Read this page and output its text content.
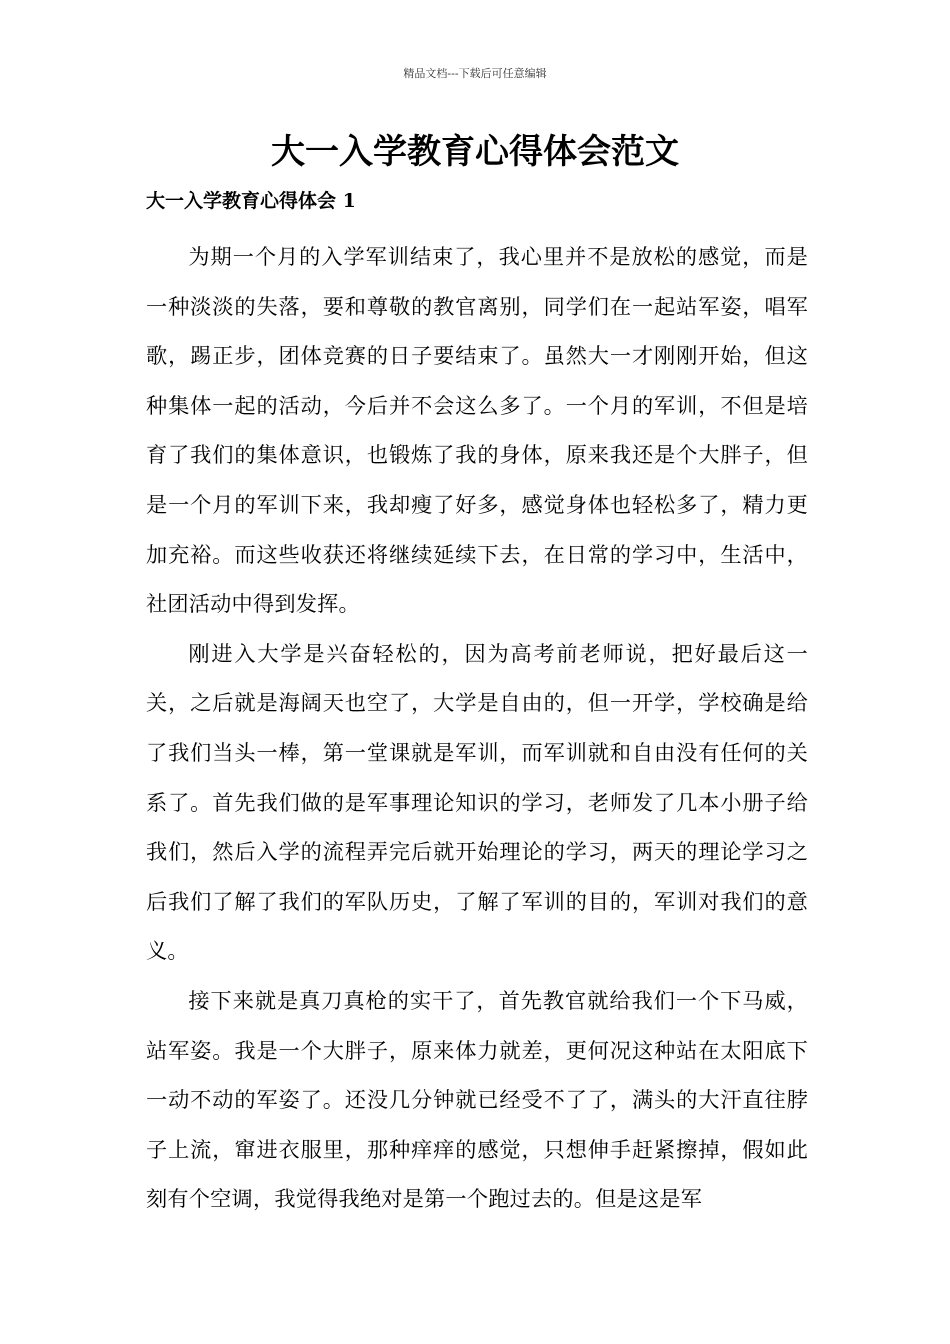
精品文档---下载后可任意编辑
大一入学教育心得体会范文
大一入学教育心得体会 1

为期一个月的入学军训结束了，我心里并不是放松的感觉，而是一种淡淡的失落，要和尊敬的教官离别，同学们在一起站军姿，唱军歌，踢正步，团体竞赛的日子要结束了。虽然大一才刚刚开始，但这种集体一起的活动，今后并不会这么多了。一个月的军训，不但是培育了我们的集体意识，也锻炼了我的身体，原来我还是个大胖子，但是一个月的军训下来，我却瘦了好多，感觉身体也轻松多了，精力更加充裕。而这些收获还将继续延续下去，在日常的学习中，生活中，社团活动中得到发挥。

刚进入大学是兴奋轻松的，因为高考前老师说，把好最后这一关，之后就是海阔天也空了，大学是自由的，但一开学，学校确是给了我们当头一棒，第一堂课就是军训，而军训就和自由没有任何的关系了。首先我们做的是军事理论知识的学习，老师发了几本小册子给我们，然后入学的流程弄完后就开始理论的学习，两天的理论学习之后我们了解了我们的军队历史，了解了军训的目的，军训对我们的意义。

接下来就是真刀真枪的实干了，首先教官就给我们一个下马威，站军姿。我是一个大胖子，原来体力就差，更何况这种站在太阳底下一动不动的军姿了。还没几分钟就已经受不了了，满头的大汗直往脖子上流，窜进衣服里，那种痒痒的感觉，只想伸手赶紧擦掉，假如此刻有个空调，我觉得我绝对是第一个跑过去的。但是这是军
